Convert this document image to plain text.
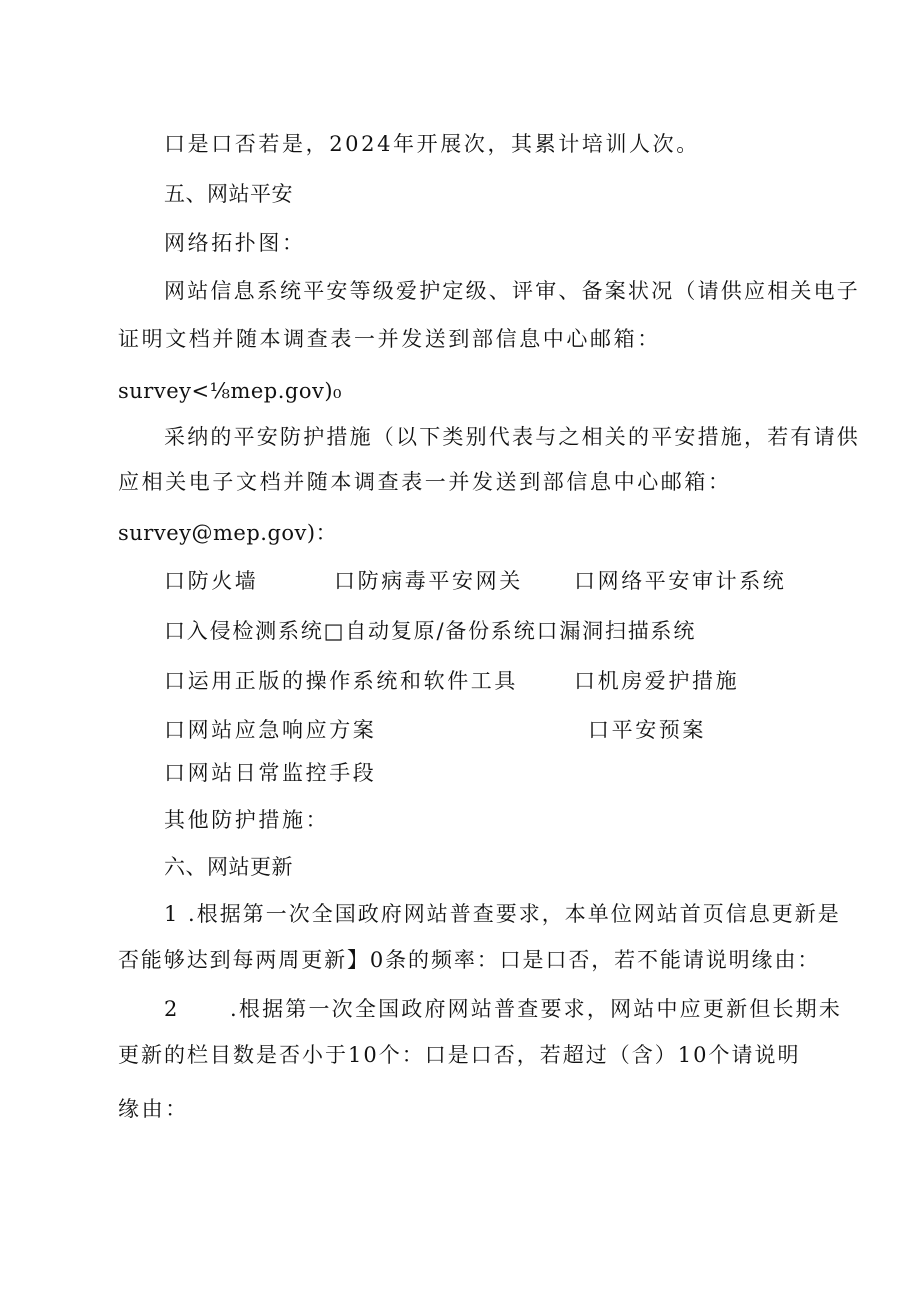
口是口否若是，2024年开展次，其累计培训人次。
五、网站平安
网络拓扑图：
网站信息系统平安等级爱护定级、评审、备案状况（请供应相关电子
证明文档并随本调查表一并发送到部信息中心邮箱：
survey<⅛mep.gov)₀
采纳的平安防护措施（以下类别代表与之相关的平安措施，若有请供
应相关电子文档并随本调查表一并发送到部信息中心邮箱：
survey@mep.gov)：
口防火墙	口防病毒平安网关 口网络平安审计系统
口入侵检测系统□自动复原/备份系统口漏洞扫描系统
口运用正版的操作系统和软件工具	口机房爱护措施
口网站应急响应方案	口平安预案
口网站日常监控手段
其他防护措施：
六、网站更新
1 .根据第一次全国政府网站普查要求，本单位网站首页信息更新是
否能够达到每两周更新】0条的频率：口是口否，若不能请说明缘由：
2 .根据第一次全国政府网站普查要求，网站中应更新但长期未
更新的栏目数是否小于10个：口是口否，若超过（含）10个请说明
缘由：
